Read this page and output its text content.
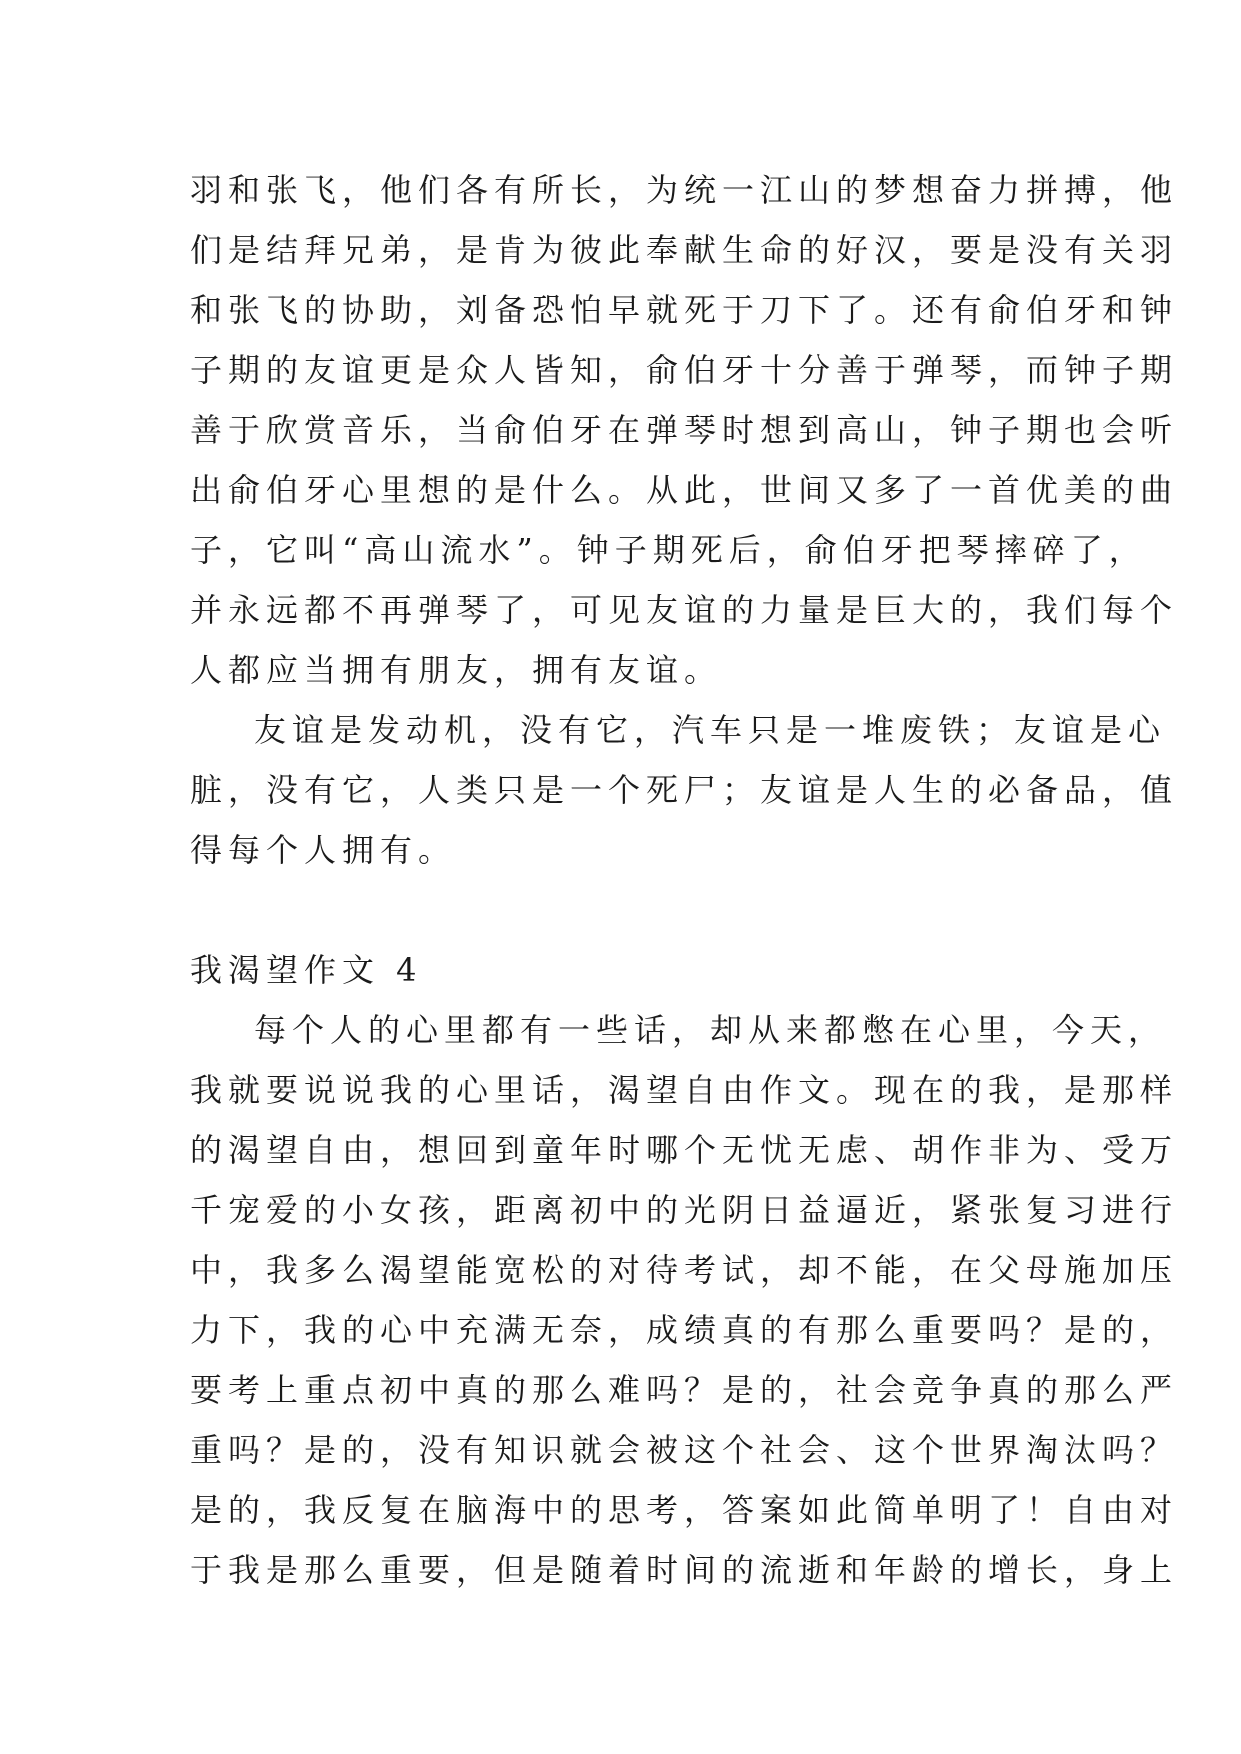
羽和张飞，他们各有所长，为统一江山的梦想奋力拼搏，他
们是结拜兄弟，是肯为彼此奉献生命的好汉，要是没有关羽
和张飞的协助，刘备恐怕早就死于刀下了。还有俞伯牙和钟
子期的友谊更是众人皆知，俞伯牙十分善于弹琴，而钟子期
善于欣赏音乐，当俞伯牙在弹琴时想到高山，钟子期也会听
出俞伯牙心里想的是什么。从此，世间又多了一首优美的曲
子，它叫“高山流水”。钟子期死后，俞伯牙把琴摔碎了，
并永远都不再弹琴了，可见友谊的力量是巨大的，我们每个
人都应当拥有朋友，拥有友谊。
友谊是发动机，没有它，汽车只是一堆废铁；友谊是心
脏，没有它，人类只是一个死尸；友谊是人生的必备品，值
得每个人拥有。
我渴望作文 4
每个人的心里都有一些话，却从来都憋在心里，今天，
我就要说说我的心里话，渴望自由作文。现在的我，是那样
的渴望自由，想回到童年时哪个无忧无虑、胡作非为、受万
千宠爱的小女孩，距离初中的光阴日益逼近，紧张复习进行
中，我多么渴望能宽松的对待考试，却不能，在父母施加压
力下，我的心中充满无奈，成绩真的有那么重要吗？是的，
要考上重点初中真的那么难吗？是的，社会竞争真的那么严
重吗？是的，没有知识就会被这个社会、这个世界淘汰吗？
是的，我反复在脑海中的思考，答案如此简单明了！自由对
于我是那么重要，但是随着时间的流逝和年龄的增长，身上
